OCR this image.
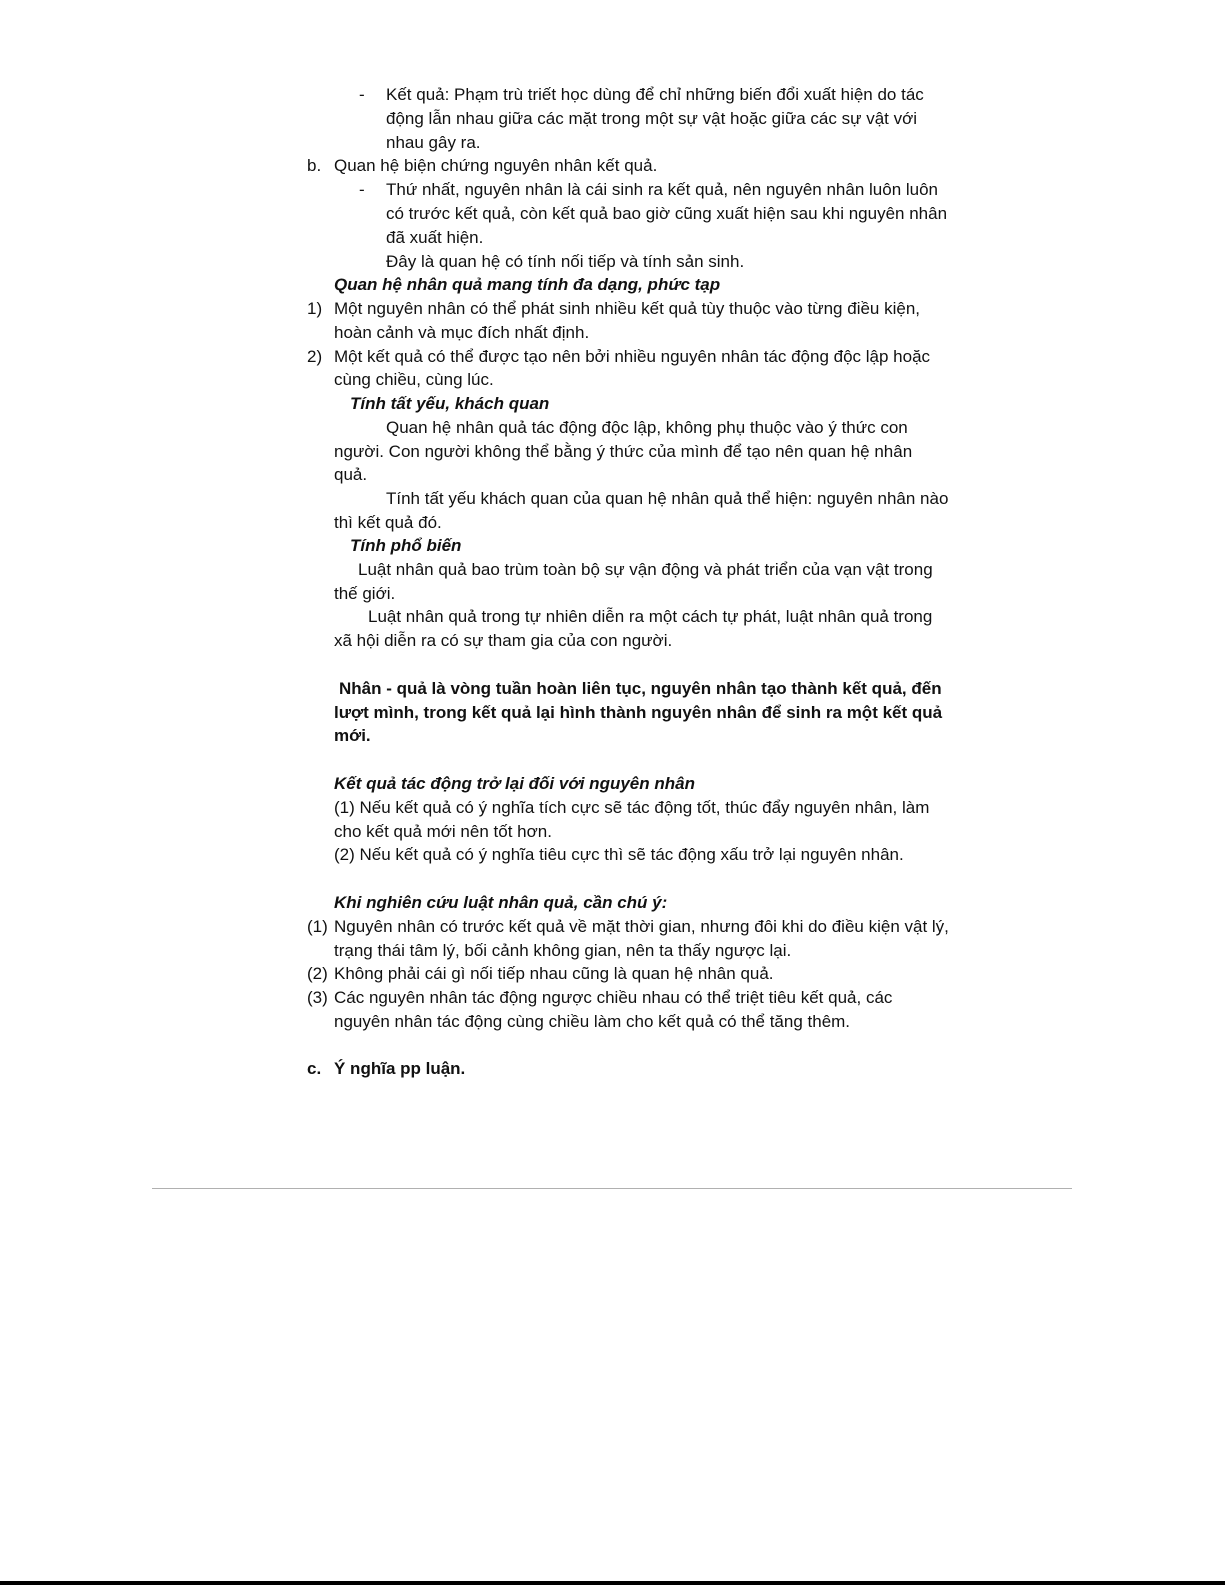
- Kết quả: Phạm trù triết học dùng để chỉ những biến đổi xuất hiện do tác
động lẫn nhau giữa các mặt trong một sự vật hoặc giữa các sự vật với
nhau gây ra.
b. Quan hệ biện chứng nguyên nhân kết quả.
- Thứ nhất, nguyên nhân là cái sinh ra kết quả, nên nguyên nhân luôn luôn
có trước kết quả, còn kết quả bao giờ cũng xuất hiện sau khi nguyên nhân
đã xuất hiện.
Đây là quan hệ có tính nối tiếp và tính sản sinh.
Quan hệ nhân quả mang tính đa dạng, phức tạp
1) Một nguyên nhân có thể phát sinh nhiều kết quả tùy thuộc vào từng điều kiện,
hoàn cảnh và mục đích nhất định.
2) Một kết quả có thể được tạo nên bởi nhiều nguyên nhân tác động độc lập hoặc
cùng chiều, cùng lúc.
Tính tất yếu, khách quan
Quan hệ nhân quả tác động độc lập, không phụ thuộc vào ý thức con
người. Con người không thể bằng ý thức của mình để tạo nên quan hệ nhân
quả.
Tính tất yếu khách quan của quan hệ nhân quả thể hiện: nguyên nhân nào
thì kết quả đó.
Tính phổ biến
Luật nhân quả bao trùm toàn bộ sự vận động và phát triển của vạn vật trong
thế giới.
Luật nhân quả trong tự nhiên diễn ra một cách tự phát, luật nhân quả trong
xã hội diễn ra có sự tham gia của con người.
Nhân - quả là vòng tuần hoàn liên tục, nguyên nhân tạo thành kết quả, đến
lượt mình, trong kết quả lại hình thành nguyên nhân để sinh ra một kết quả
mới.
Kết quả tác động trở lại đối với nguyên nhân
(1) Nếu kết quả có ý nghĩa tích cực sẽ tác động tốt, thúc đẩy nguyên nhân, làm
cho kết quả mới nên tốt hơn.
(2) Nếu kết quả có ý nghĩa tiêu cực thì sẽ tác động xấu trở lại nguyên nhân.
Khi nghiên cứu luật nhân quả, cần chú ý:
(1) Nguyên nhân có trước kết quả về mặt thời gian, nhưng đôi khi do điều kiện vật lý,
trạng thái tâm lý, bối cảnh không gian, nên ta thấy ngược lại.
(2) Không phải cái gì nối tiếp nhau cũng là quan hệ nhân quả.
(3) Các nguyên nhân tác động ngược chiều nhau có thể triệt tiêu kết quả, các
nguyên nhân tác động cùng chiều làm cho kết quả có thể tăng thêm.
c. Ý nghĩa pp luận.
